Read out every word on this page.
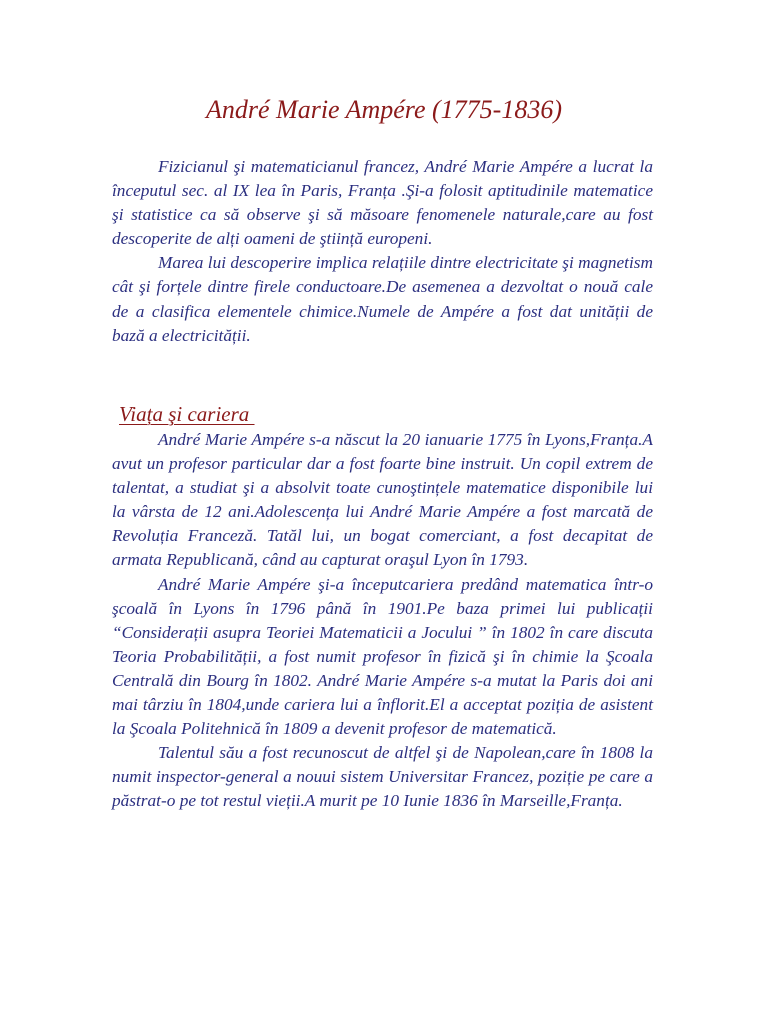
André Marie Ampére (1775-1836)

Fizicianul şi matematicianul francez, André Marie Ampére a lucrat la începutul sec. al IX lea în Paris, Franța .Şi-a folosit aptitudinile matematice şi statistice ca să observe şi să măsoare fenomenele naturale,care au fost descoperite de alți oameni de ştiință europeni.

Marea lui descoperire implica relațiile dintre electricitate şi magnetism cât şi forțele dintre firele conductoare.De asemenea a dezvoltat o nouă cale de a clasifica elementele chimice.Numele de Ampére a fost dat unității de bază a electricității.

Viața şi cariera

André Marie Ampére s-a născut la 20 ianuarie 1775 în Lyons,Franța.A avut un profesor particular dar a fost foarte bine instruit. Un copil extrem de talentat, a studiat şi a absolvit toate cunoştințele matematice disponibile lui la vârsta de 12 ani.Adolescența lui André Marie Ampére a fost marcată de Revoluția Franceză. Tatăl lui, un bogat comerciant, a fost decapitat de armata Republicană, când au capturat oraşul Lyon în 1793.

André Marie Ampére şi-a începutcariera predând matematica într-o şcoală în Lyons în 1796 până în 1901.Pe baza primei lui publicații “Considerații asupra Teoriei Matematicii a Jocului ” în 1802 în care discuta Teoria Probabilității, a fost numit profesor în fizică şi în chimie la Şcoala Centrală din Bourg în 1802. André Marie Ampére s-a mutat la Paris doi ani mai târziu în 1804,unde cariera lui a înflorit.El a acceptat poziția de asistent la Şcoala Politehnică în 1809 a devenit profesor de matematică.

Talentul său a fost recunoscut de altfel şi de Napolean,care în 1808 la numit inspector-general a nouui sistem Universitar Francez, poziție pe care a păstrat-o pe tot restul vieții.A murit pe 10 Iunie 1836 în Marseille,Franța.
